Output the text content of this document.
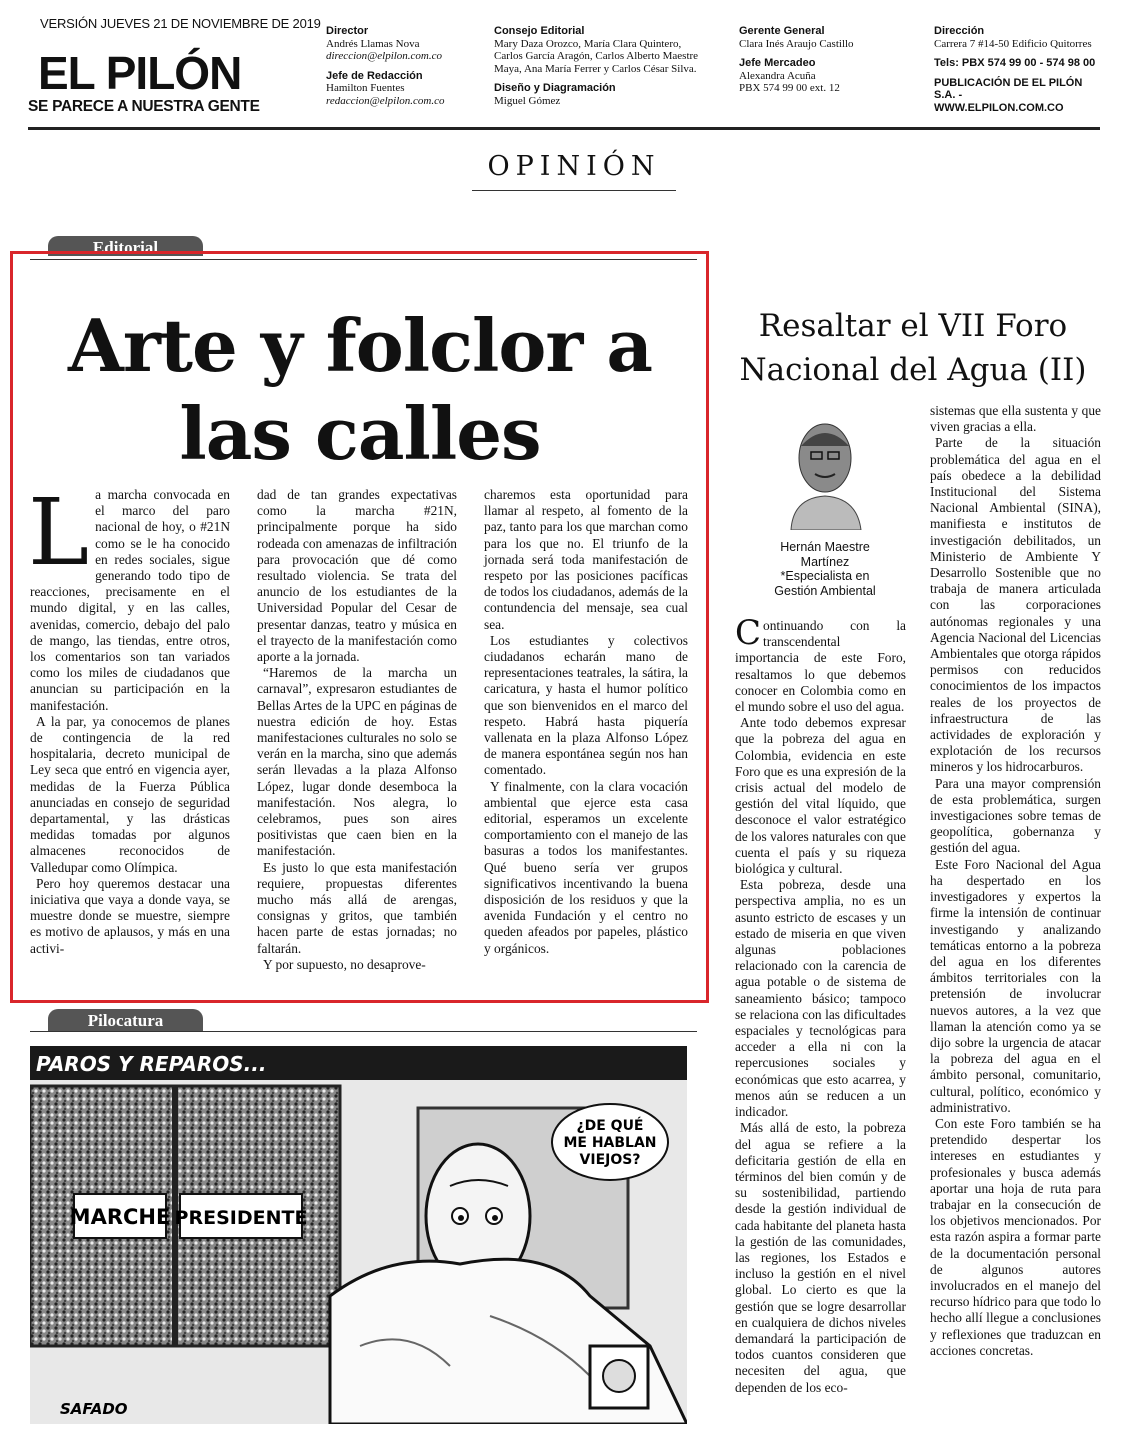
VERSIÓN JUEVES 21 DE NOVIEMBRE DE 2019
EL PILÓN
SE PARECE A NUESTRA GENTE
Director
Andrés Llamas Nova

direccion@elpilon.com.co
Jefe de Redacción
Hamilton Fuentes

redaccion@elpilon.com.co
Consejo Editorial
Mary Daza Orozco, María Clara Quintero,
Carlos García Aragón, Carlos Alberto Maestre
Maya, Ana María Ferrer y Carlos César Silva.
Diseño y Diagramación
Miguel Gómez
Gerente General
Clara Inés Araujo Castillo
Jefe Mercadeo
Alexandra Acuña
PBX 574 99 00 ext. 12
Dirección
Carrera 7 #14-50 Edificio Quitorres
Tels: PBX 574 99 00 - 574 98 00
PUBLICACIÓN DE EL PILÓN S.A. -
WWW.ELPILON.COM.CO
OPINIÓN
Editorial
Arte y folclor a
las calles

La marcha convocada en el marco del paro nacional de hoy, o #21N como se le ha conocido en redes sociales, sigue generando todo tipo de reacciones, precisamente en el mundo digital, y en las calles, avenidas, comercio, debajo del palo de mango, las tiendas, entre otros, los comentarios son tan variados como los miles de ciudadanos que anuncian su participación en la manifestación.

A la par, ya conocemos de planes de contingencia de la red hospitalaria, decreto municipal de Ley seca que entró en vigencia ayer, medidas de la Fuerza Pública anunciadas en consejo de seguridad departamental, y las drásticas medidas tomadas por algunos almacenes reconocidos de Valledupar como Olímpica.

Pero hoy queremos destacar una iniciativa que vaya a donde vaya, se muestre donde se muestre, siempre es motivo de aplausos, y más en una activi-

dad de tan grandes expectativas como la marcha #21N, principalmente porque ha sido rodeada con amenazas de infiltración para provocación que dé como resultado violencia. Se trata del anuncio de los estudiantes de la Universidad Popular del Cesar de presentar danzas, teatro y música en el trayecto de la manifestación como aporte a la jornada.

“Haremos de la marcha un carnaval”, expresaron estudiantes de Bellas Artes de la UPC en páginas de nuestra edición de hoy. Estas manifestaciones culturales no solo se verán en la marcha, sino que además serán llevadas a la plaza Alfonso López, lugar donde desemboca la manifestación. Nos alegra, lo celebramos, pues son aires positivistas que caen bien en la manifestación.

Es justo lo que esta manifestación requiere, propuestas diferentes mucho más allá de arengas, consignas y gritos, que también hacen parte de estas jornadas; no faltarán.

Y por supuesto, no desaprove-

charemos esta oportunidad para llamar al respeto, al fomento de la paz, tanto para los que marchan como para los que no. El triunfo de la jornada será toda manifestación de respeto por las posiciones pacíficas de todos los ciudadanos, además de la contundencia del mensaje, sea cual sea.

Los estudiantes y colectivos ciudadanos echarán mano de representaciones teatrales, la sátira, la caricatura, y hasta el humor político que son bienvenidos en el marco del respeto. Habrá hasta piquería vallenata en la plaza Alfonso López de manera espontánea según nos han comentado.

Y finalmente, con la clara vocación ambiental que ejerce esta casa editorial, esperamos un excelente comportamiento con el manejo de las basuras a todos los manifestantes. Qué bueno sería ver grupos significativos incentivando la buena disposición de los residuos y que la avenida Fundación y el centro no queden afeados por papeles, plástico y orgánicos.

Pilocatura
PAROS Y REPAROS...
MARCHE PRESIDENTE
¿DE QUÉ
ME HABLAN
VIEJOS?
SAFADO
Resaltar el VII Foro
Nacional del Agua (II)
Hernán Maestre
Martínez
*Especialista en
Gestión Ambiental

Continuando con la transcendental importancia de este Foro, resaltamos lo que debemos conocer en Colombia como en el mundo sobre el uso del agua.

Ante todo debemos expresar que la pobreza del agua en Colombia, evidencia en este Foro que es una expresión de la crisis actual del modelo de gestión del vital líquido, que desconoce el valor estratégico de los valores naturales con que cuenta el país y su riqueza biológica y cultural.

Esta pobreza, desde una perspectiva amplia, no es un asunto estricto de escases y un estado de miseria en que viven algunas poblaciones relacionado con la carencia de agua potable o de sistema de saneamiento básico; tampoco se relaciona con las dificultades espaciales y tecnológicas para acceder a ella ni con la repercusiones sociales y económicas que esto acarrea, y menos aún se reducen a un indicador.

Más allá de esto, la pobreza del agua se refiere a la deficitaria gestión de ella en términos del bien común y de su sostenibilidad, partiendo desde la gestión individual de cada habitante del planeta hasta la gestión de las comunidades, las regiones, los Estados e incluso la gestión en el nivel global. Lo cierto es que la gestión que se logre desarrollar en cualquiera de dichos niveles demandará la participación de todos cuantos consideren que necesiten del agua, que dependen de los eco-

sistemas que ella sustenta y que viven gracias a ella.

Parte de la situación problemática del agua en el país obedece a la debilidad Institucional del Sistema Nacional Ambiental (SINA), manifiesta e institutos de investigación debilitados, un Ministerio de Ambiente Y Desarrollo Sostenible que no trabaja de manera articulada con las corporaciones autónomas regionales y una Agencia Nacional del Licencias Ambientales que otorga rápidos permisos con reducidos conocimientos de los impactos reales de los proyectos de infraestructura de las actividades de exploración y explotación de los recursos mineros y los hidrocarburos.

Para una mayor comprensión de esta problemática, surgen investigaciones sobre temas de geopolítica, gobernanza y gestión del agua.

Este Foro Nacional del Agua ha despertado en los investigadores y expertos la firme la intensión de continuar investigando y analizando temáticas entorno a la pobreza del agua en los diferentes ámbitos territoriales con la pretensión de involucrar nuevos autores, a la vez que llaman la atención como ya se dijo sobre la urgencia de atacar la pobreza del agua en el ámbito personal, comunitario, cultural, político, económico y administrativo.

Con este Foro también se ha pretendido despertar los intereses en estudiantes y profesionales y busca además aportar una hoja de ruta para trabajar en la consecución de los objetivos mencionados. Por esta razón aspira a formar parte de la documentación personal de algunos autores involucrados en el manejo del recurso hídrico para que todo lo hecho allí llegue a conclusiones y reflexiones que traduzcan en acciones concretas.
